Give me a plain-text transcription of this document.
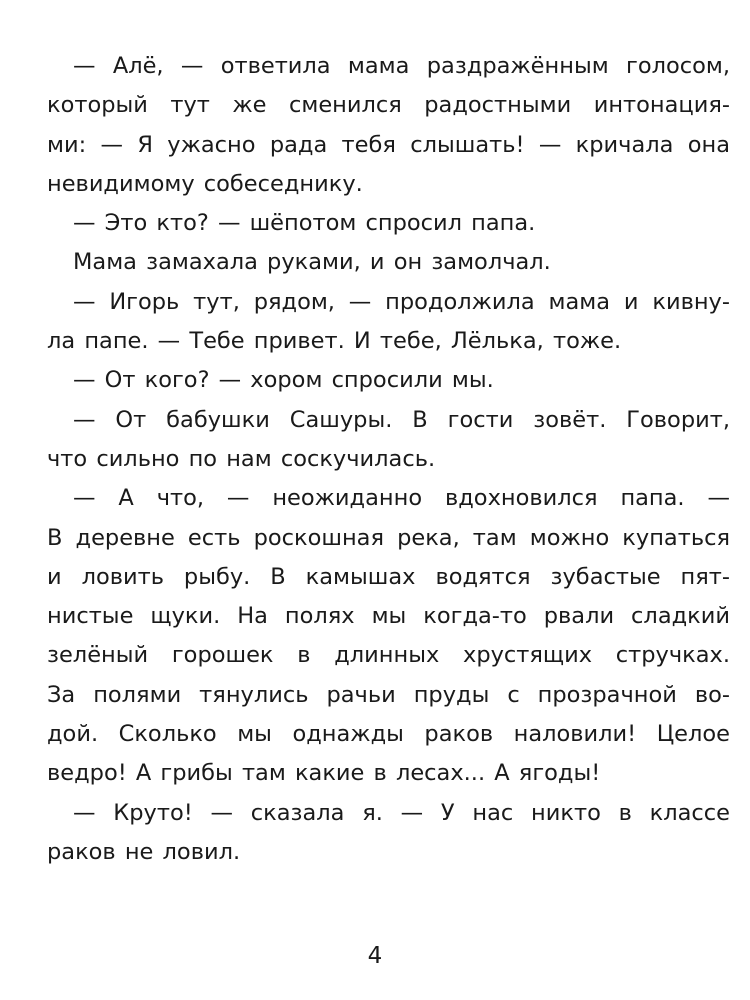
— Алё, — ответила мама раздражённым голосом,
который тут же сменился радостными интонация-
ми: — Я ужасно рада тебя слышать! — кричала она
невидимому собеседнику.
— Это кто? — шёпотом спросил папа.
Мама замахала руками, и он замолчал.
— Игорь тут, рядом, — продолжила мама и кивну-
ла папе. — Тебе привет. И тебе, Лёлька, тоже.
— От кого? — хором спросили мы.
— От бабушки Сашуры. В гости зовёт. Говорит,
что сильно по нам соскучилась.
— А что, — неожиданно вдохновился папа. —
В деревне есть роскошная река, там можно купаться
и ловить рыбу. В камышах водятся зубастые пят-
нистые щуки. На полях мы когда-то рвали сладкий
зелёный горошек в длинных хрустящих стручках.
За полями тянулись рачьи пруды с прозрачной во-
дой. Сколько мы однажды раков наловили! Целое
ведро! А грибы там какие в лесах... А ягоды!
— Круто! — сказала я. — У нас никто в классе
раков не ловил.
4
